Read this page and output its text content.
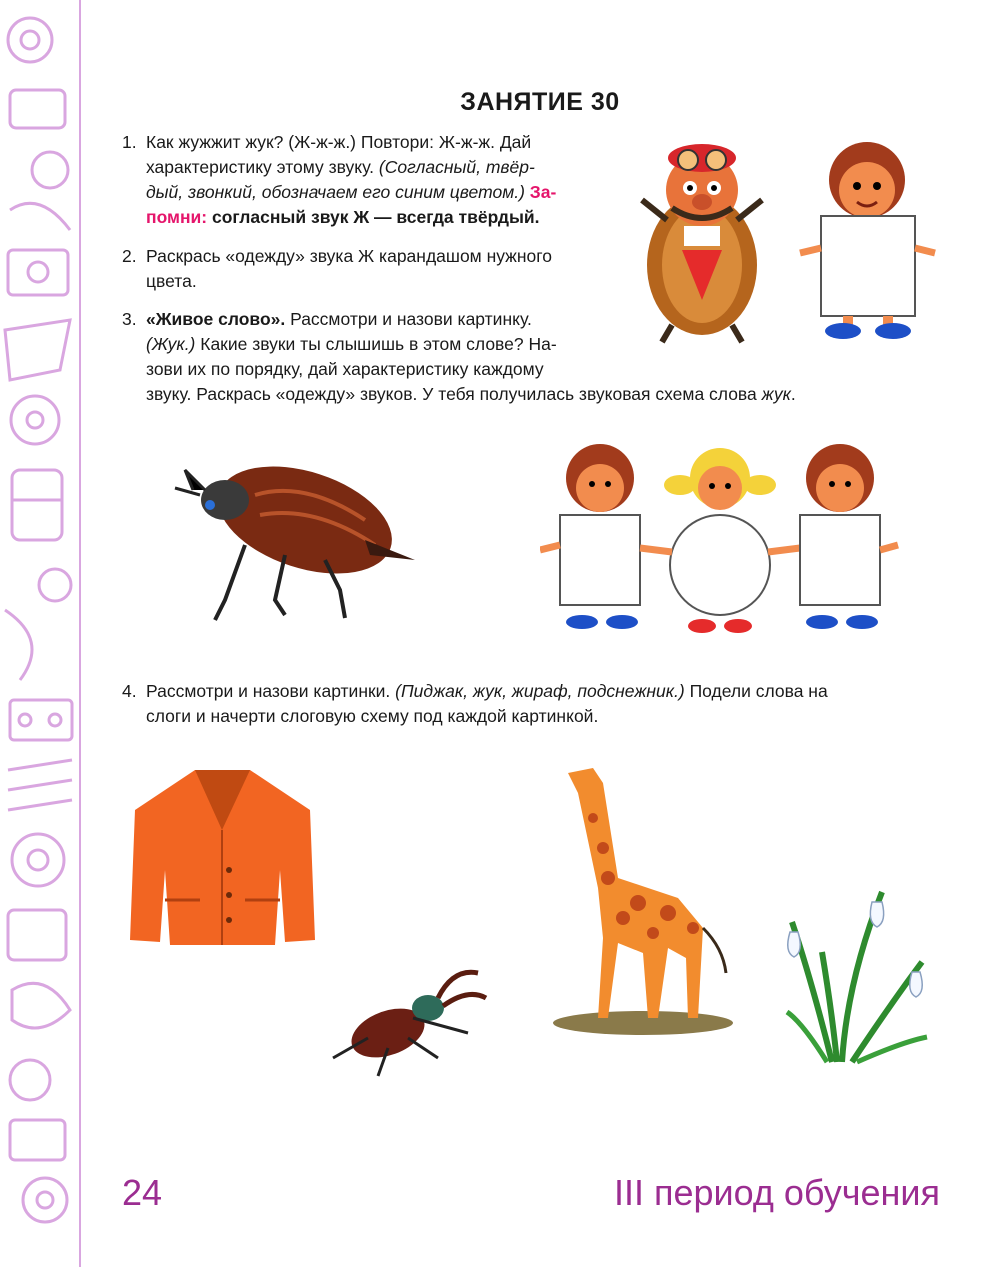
ЗАНЯТИЕ 30
1. Как жужжит жук? (Ж-ж-ж.) Повтори: Ж-ж-ж. Дай
характеристику этому звуку. (Согласный, твёр-
дый, звонкий, обозначаем его синим цветом.) За-
помни: согласный звук Ж — всегда твёрдый.
2. Раскрась «одежду» звука Ж карандашом нужного
цвета.
3. «Живое слово». Рассмотри и назови картинку.
(Жук.) Какие звуки ты слышишь в этом слове? На-
зови их по порядку, дай характеристику каждому
звуку. Раскрась «одежду» звуков. У тебя получилась звуковая схема слова жук.
4. Рассмотри и назови картинки. (Пиджак, жук, жираф, подснежник.) Подели слова на
слоги и начерти слоговую схему под каждой картинкой.
24	III период обучения
